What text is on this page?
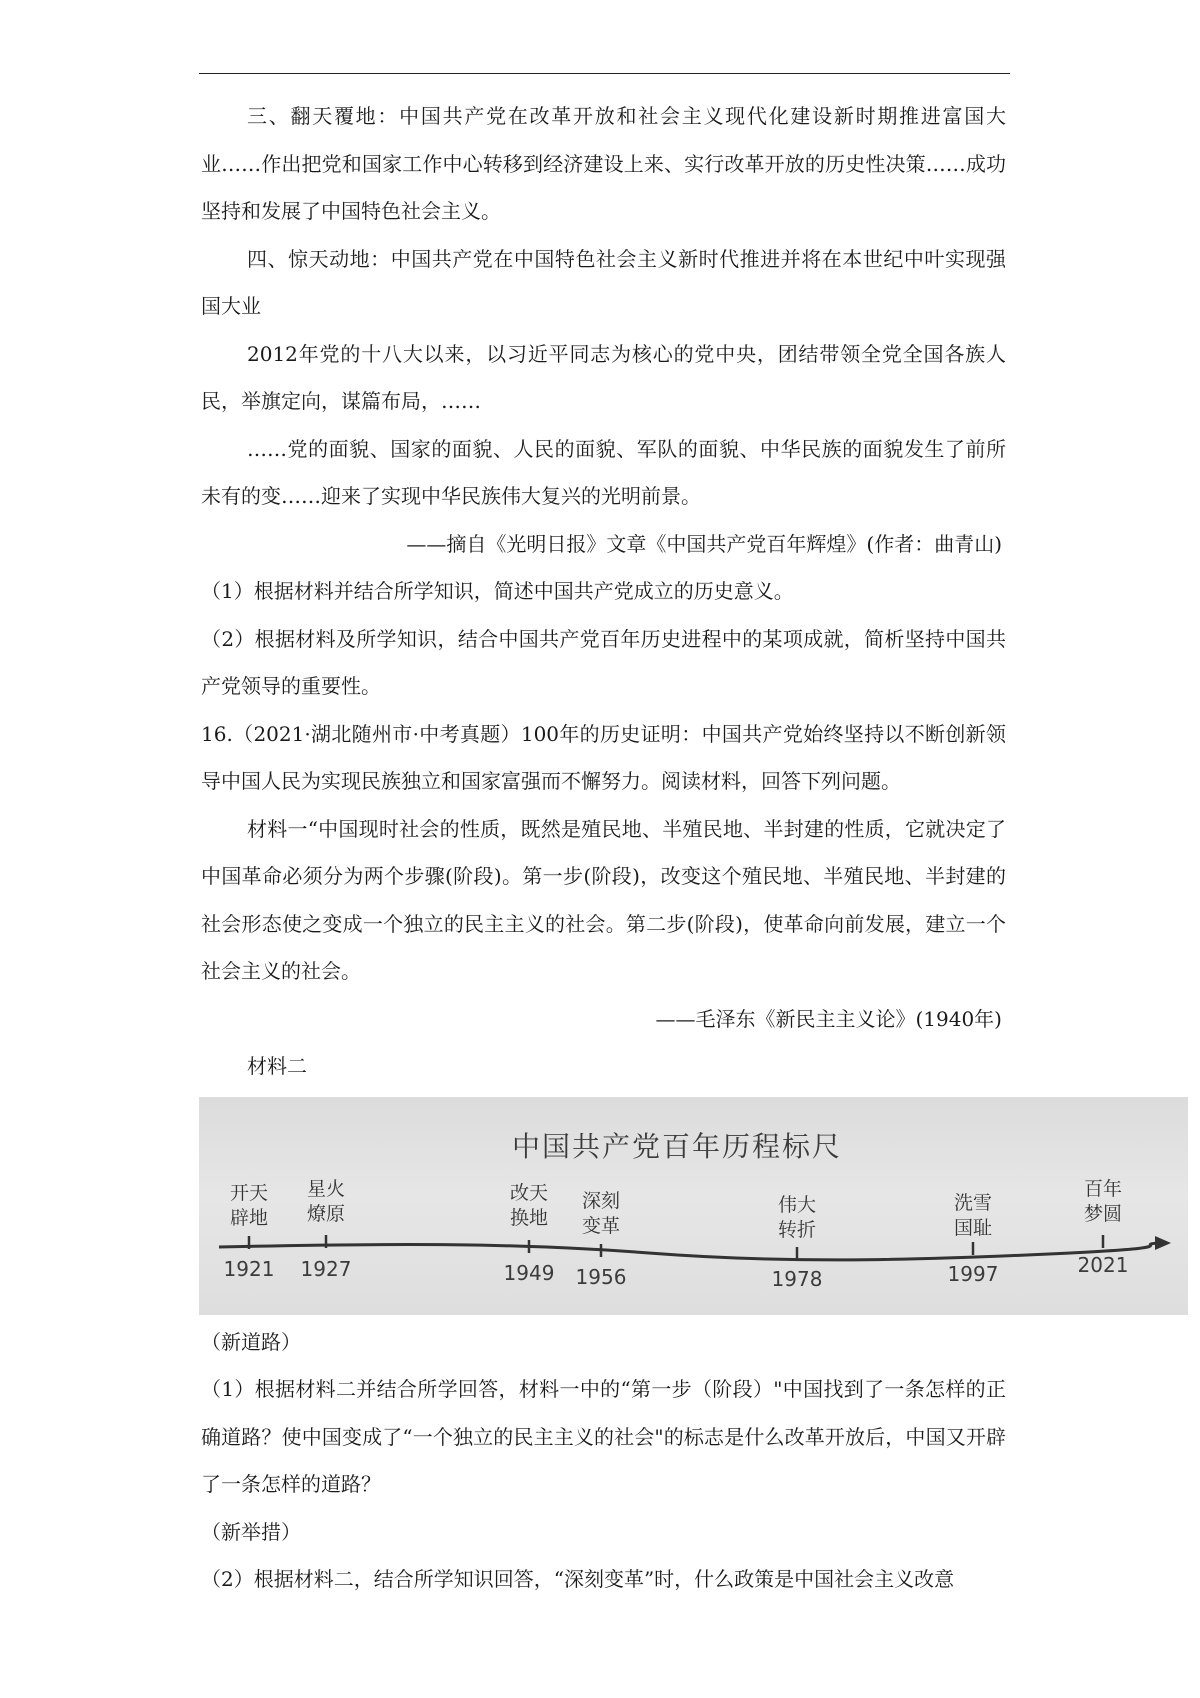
三、翻天覆地：中国共产党在改革开放和社会主义现代化建设新时期推进富国大业……作出把党和国家工作中心转移到经济建设上来、实行改革开放的历史性决策……成功坚持和发展了中国特色社会主义。

四、惊天动地：中国共产党在中国特色社会主义新时代推进并将在本世纪中叶实现强国大业

2012年党的十八大以来，以习近平同志为核心的党中央，团结带领全党全国各族人民，举旗定向，谋篇布局，……

……党的面貌、国家的面貌、人民的面貌、军队的面貌、中华民族的面貌发生了前所未有的变……迎来了实现中华民族伟大复兴的光明前景。

——摘自《光明日报》文章《中国共产党百年辉煌》(作者：曲青山)

（1）根据材料并结合所学知识，简述中国共产党成立的历史意义。

（2）根据材料及所学知识，结合中国共产党百年历史进程中的某项成就，简析坚持中国共产党领导的重要性。

16.（2021·湖北随州市·中考真题）100年的历史证明：中国共产党始终坚持以不断创新领导中国人民为实现民族独立和国家富强而不懈努力。阅读材料，回答下列问题。

材料一“中国现时社会的性质，既然是殖民地、半殖民地、半封建的性质，它就决定了中国革命必须分为两个步骤(阶段)。第一步(阶段)，改变这个殖民地、半殖民地、半封建的社会形态使之变成一个独立的民主主义的社会。第二步(阶段)，使革命向前发展，建立一个社会主义的社会。

——毛泽东《新民主主义论》(1940年)

材料二

中国共产党百年历程标尺
开天
辟地
星火
燎原
改天
换地
深刻
变革
伟大
转折
洗雪
国耻
百年
梦圆
1921 1927	1949 1956	1978	1997	2021

（新道路）

（1）根据材料二并结合所学回答，材料一中的“第一步（阶段）"中国找到了一条怎样的正确道路？使中国变成了“一个独立的民主主义的社会"的标志是什么改革开放后，中国又开辟了一条怎样的道路？

（新举措）

（2）根据材料二，结合所学知识回答，“深刻变革”时，什么政策是中国社会主义改意
